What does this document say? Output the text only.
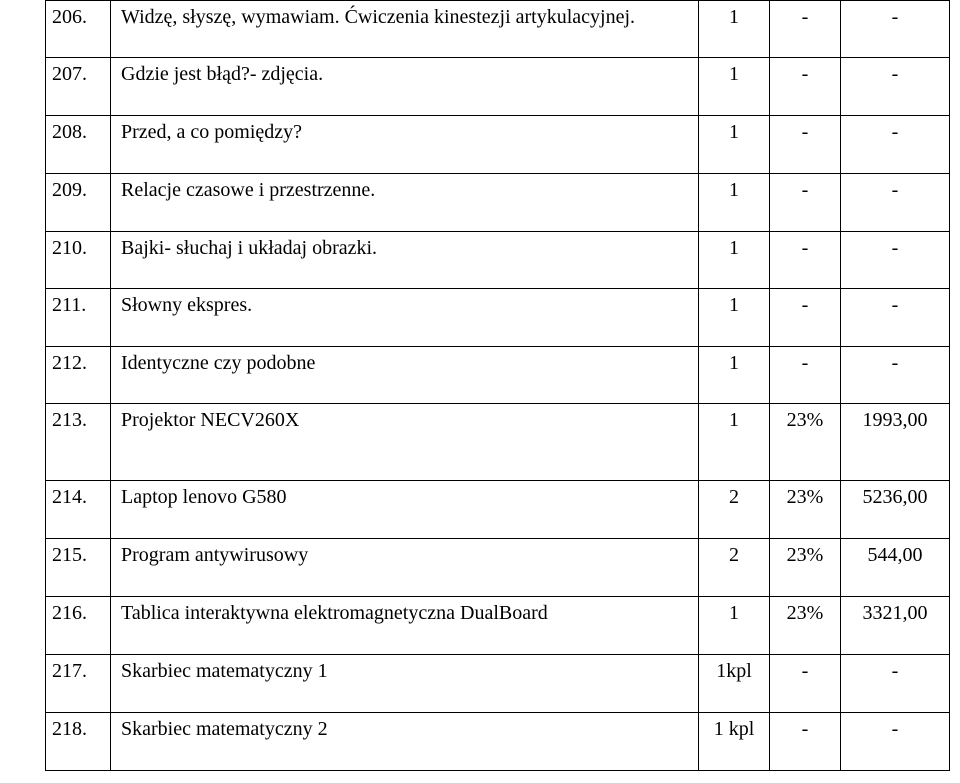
206.	Widzę, słyszę, wymawiam. Ćwiczenia kinestezji artykulacyjnej.	1	-	-

207.	Gdzie jest błąd?- zdjęcia.	1	-	-

208.	Przed, a co pomiędzy?	1	-	-

209.	Relacje czasowe i przestrzenne.	1	-	-

210.	Bajki- słuchaj i układaj obrazki.	1	-	-

211.	Słowny ekspres.	1	-	-

212.	Identyczne czy podobne	1	-	-

213.	Projektor NECV260X	1	23%	1993,00

214.	Laptop lenovo G580	2	23%	5236,00

215.	Program antywirusowy	2	23%	544,00

216.	Tablica interaktywna elektromagnetyczna DualBoard	1	23%	3321,00

217.	Skarbiec matematyczny 1	1kpl	-	-

218.	Skarbiec matematyczny 2	1 kpl	-	-
